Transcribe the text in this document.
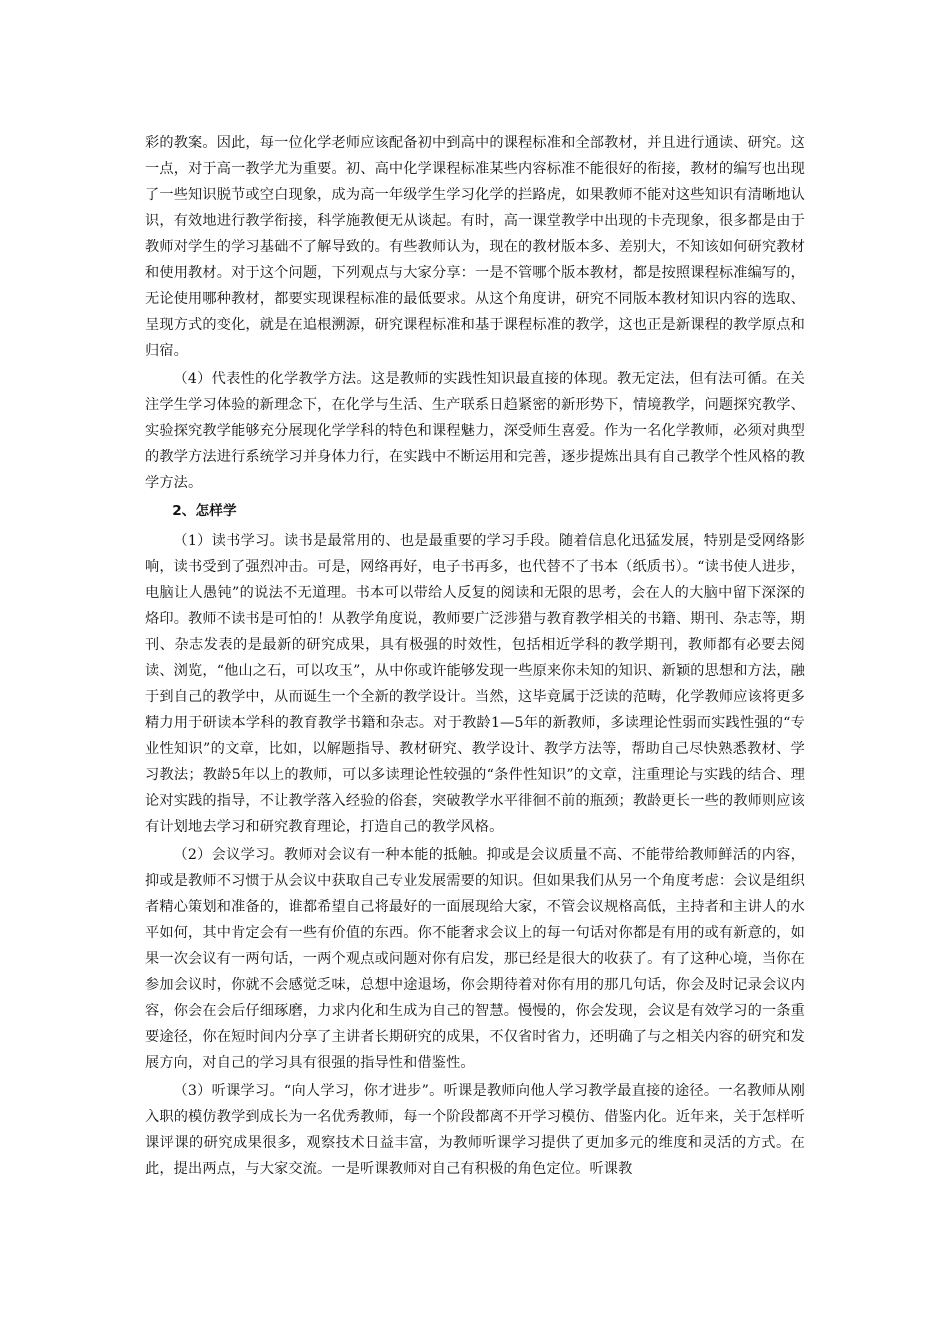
彩的教案。因此，每一位化学老师应该配备初中到高中的课程标准和全部教材，并且进行通读、研究。这一点，对于高一教学尤为重要。初、高中化学课程标准某些内容标准不能很好的衔接，教材的编写也出现了一些知识脱节或空白现象，成为高一年级学生学习化学的拦路虎，如果教师不能对这些知识有清晰地认识，有效地进行教学衔接，科学施教便无从谈起。有时，高一课堂教学中出现的卡壳现象，很多都是由于教师对学生的学习基础不了解导致的。有些教师认为，现在的教材版本多、差别大，不知该如何研究教材和使用教材。对于这个问题，下列观点与大家分享：一是不管哪个版本教材，都是按照课程标准编写的，无论使用哪种教材，都要实现课程标准的最低要求。从这个角度讲，研究不同版本教材知识内容的选取、呈现方式的变化，就是在追根溯源，研究课程标准和基于课程标准的教学，这也正是新课程的教学原点和归宿。

（4）代表性的化学教学方法。这是教师的实践性知识最直接的体现。教无定法，但有法可循。在关注学生学习体验的新理念下，在化学与生活、生产联系日趋紧密的新形势下，情境教学，问题探究教学、实验探究教学能够充分展现化学学科的特色和课程魅力，深受师生喜爱。作为一名化学教师，必须对典型的教学方法进行系统学习并身体力行，在实践中不断运用和完善，逐步提炼出具有自己教学个性风格的教学方法。

2、怎样学

（1）读书学习。读书是最常用的、也是最重要的学习手段。随着信息化迅猛发展，特别是受网络影响，读书受到了强烈冲击。可是，网络再好，电子书再多，也代替不了书本（纸质书）。“读书使人进步，电脑让人愚钝”的说法不无道理。书本可以带给人反复的阅读和无限的思考，会在人的大脑中留下深深的烙印。教师不读书是可怕的！从教学角度说，教师要广泛涉猎与教育教学相关的书籍、期刊、杂志等，期刊、杂志发表的是最新的研究成果，具有极强的时效性，包括相近学科的教学期刊，教师都有必要去阅读、浏览，“他山之石，可以攻玉”，从中你或许能够发现一些原来你未知的知识、新颖的思想和方法，融于到自己的教学中，从而诞生一个全新的教学设计。当然，这毕竟属于泛读的范畴，化学教师应该将更多精力用于研读本学科的教育教学书籍和杂志。对于教龄1—5年的新教师，多读理论性弱而实践性强的“专业性知识”的文章，比如，以解题指导、教材研究、教学设计、教学方法等，帮助自己尽快熟悉教材、学习教法；教龄5年以上的教师，可以多读理论性较强的“条件性知识”的文章，注重理论与实践的结合、理论对实践的指导，不让教学落入经验的俗套，突破教学水平徘徊不前的瓶颈；教龄更长一些的教师则应该有计划地去学习和研究教育理论，打造自己的教学风格。

（2）会议学习。教师对会议有一种本能的抵触。抑或是会议质量不高、不能带给教师鲜活的内容，抑或是教师不习惯于从会议中获取自己专业发展需要的知识。但如果我们从另一个角度考虑：会议是组织者精心策划和准备的，谁都希望自己将最好的一面展现给大家，不管会议规格高低，主持者和主讲人的水平如何，其中肯定会有一些有价值的东西。你不能奢求会议上的每一句话对你都是有用的或有新意的，如果一次会议有一两句话，一两个观点或问题对你有启发，那已经是很大的收获了。有了这种心境，当你在参加会议时，你就不会感觉乏味，总想中途退场，你会期待着对你有用的那几句话，你会及时记录会议内容，你会在会后仔细琢磨，力求内化和生成为自己的智慧。慢慢的，你会发现，会议是有效学习的一条重要途径，你在短时间内分享了主讲者长期研究的成果，不仅省时省力，还明确了与之相关内容的研究和发展方向，对自己的学习具有很强的指导性和借鉴性。

（3）听课学习。“向人学习，你才进步”。听课是教师向他人学习教学最直接的途径。一名教师从刚入职的模仿教学到成长为一名优秀教师，每一个阶段都离不开学习模仿、借鉴内化。近年来，关于怎样听课评课的研究成果很多，观察技术日益丰富，为教师听课学习提供了更加多元的维度和灵活的方式。在此，提出两点，与大家交流。一是听课教师对自己有积极的角色定位。听课教
